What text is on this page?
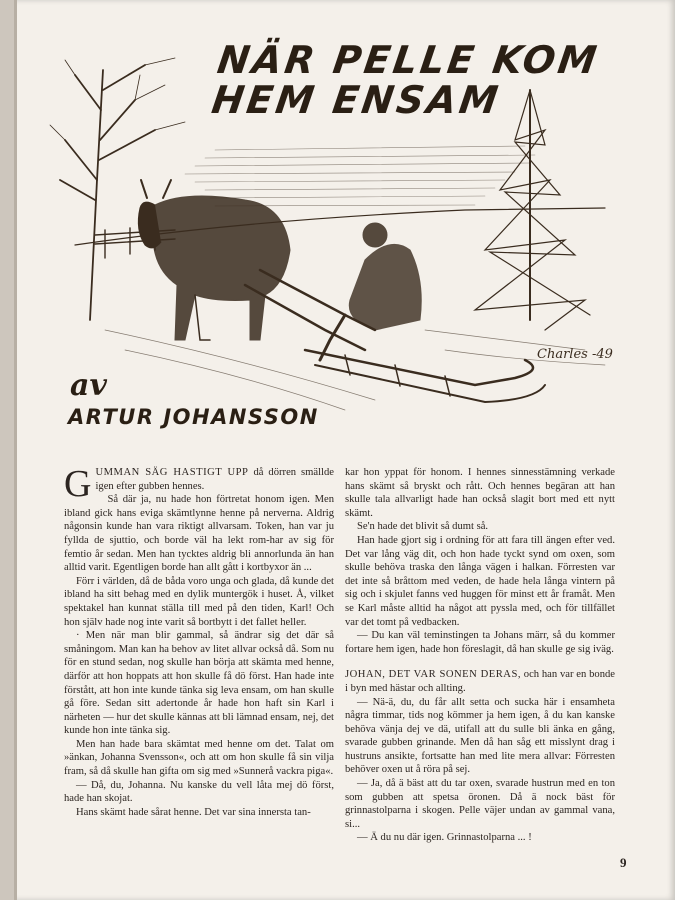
Charles -49
NÄR PELLE KOM
HEM ENSAM
av
ARTUR JOHANSSON

GUMMAN SÄG HASTIGT UPP då dörren smällde igen efter gubben hennes.

Så där ja, nu hade hon förtretat honom igen. Men ibland gick hans eviga skämtlynne henne på nerverna. Aldrig någonsin kunde han vara riktigt allvarsam. Token, han var ju fyllda de sjuttio, och borde väl ha lekt rom-har av sig för femtio år sedan. Men han tycktes aldrig bli annorlunda än han alltid varit. Egentligen borde han allt gått i kortbyxor än ...

Förr i världen, då de båda voro unga och glada, då kunde det ibland ha sitt behag med en dylik muntergök i huset. Å, vilket spektakel han kunnat ställa till med på den tiden, Karl! Och hon själv hade nog inte varit så bortbytt i det fallet heller.

· Men när man blir gammal, så ändrar sig det där så småningom. Man kan ha behov av litet allvar också då. Som nu för en stund sedan, nog skulle han börja att skämta med henne, därför att hon hoppats att hon skulle få dö först. Han hade inte förstått, att hon inte kunde tänka sig leva ensam, om han skulle gå före. Sedan sitt adertonde år hade hon haft sin Karl i närheten — hur det skulle kännas att bli lämnad ensam, nej, det kunde hon inte tänka sig.

Men han hade bara skämtat med henne om det. Talat om »änkan, Johanna Svensson«, och att om hon skulle få sin vilja fram, så då skulle han gifta om sig med »Sunnerå vackra piga«.

— Då, du, Johanna. Nu kanske du vell låta mej dö först, hade han skojat.

Hans skämt hade sårat henne. Det var sina innersta tan-

kar hon yppat för honom. I hennes sinnesstämning verkade hans skämt så bryskt och rått. Och hennes begäran att han skulle tala allvarligt hade han också slagit bort med ett nytt skämt.

Se'n hade det blivit så dumt så.

Han hade gjort sig i ordning för att fara till ängen efter ved. Det var lång väg dit, och hon hade tyckt synd om oxen, som skulle behöva traska den långa vägen i halkan. Förresten var det inte så bråttom med veden, de hade hela långa vintern på sig och i skjulet fanns ved huggen för minst ett år framåt. Men se Karl måste alltid ha något att pyssla med, och för tillfället var det tomt på vedbacken.

— Du kan väl teminstingen ta Johans märr, så du kommer fortare hem igen, hade hon föreslagit, då han skulle ge sig iväg.

JOHAN, DET VAR SONEN DERAS, och han var en bonde i byn med hästar och allting.

— Nä-ä, du, du får allt setta och sucka här i ensamheta några timmar, tids nog kömmer ja hem igen, å du kan kanske behöva vänja dej ve dä, utifall att du sulle bli änka en gång, svarade gubben grinande. Men då han såg ett misslynt drag i hustruns ansikte, fortsatte han med lite mera allvar: Förresten behöver oxen ut å röra på sej.

— Ja, då ä bäst att du tar oxen, svarade hustrun med en ton som gubben att spetsa öronen. Då ä nock bäst för grinnastolparna i skogen. Pelle väjer undan av gammal vana, si...

— Ä du nu där igen. Grinnastolparna ... !

9
